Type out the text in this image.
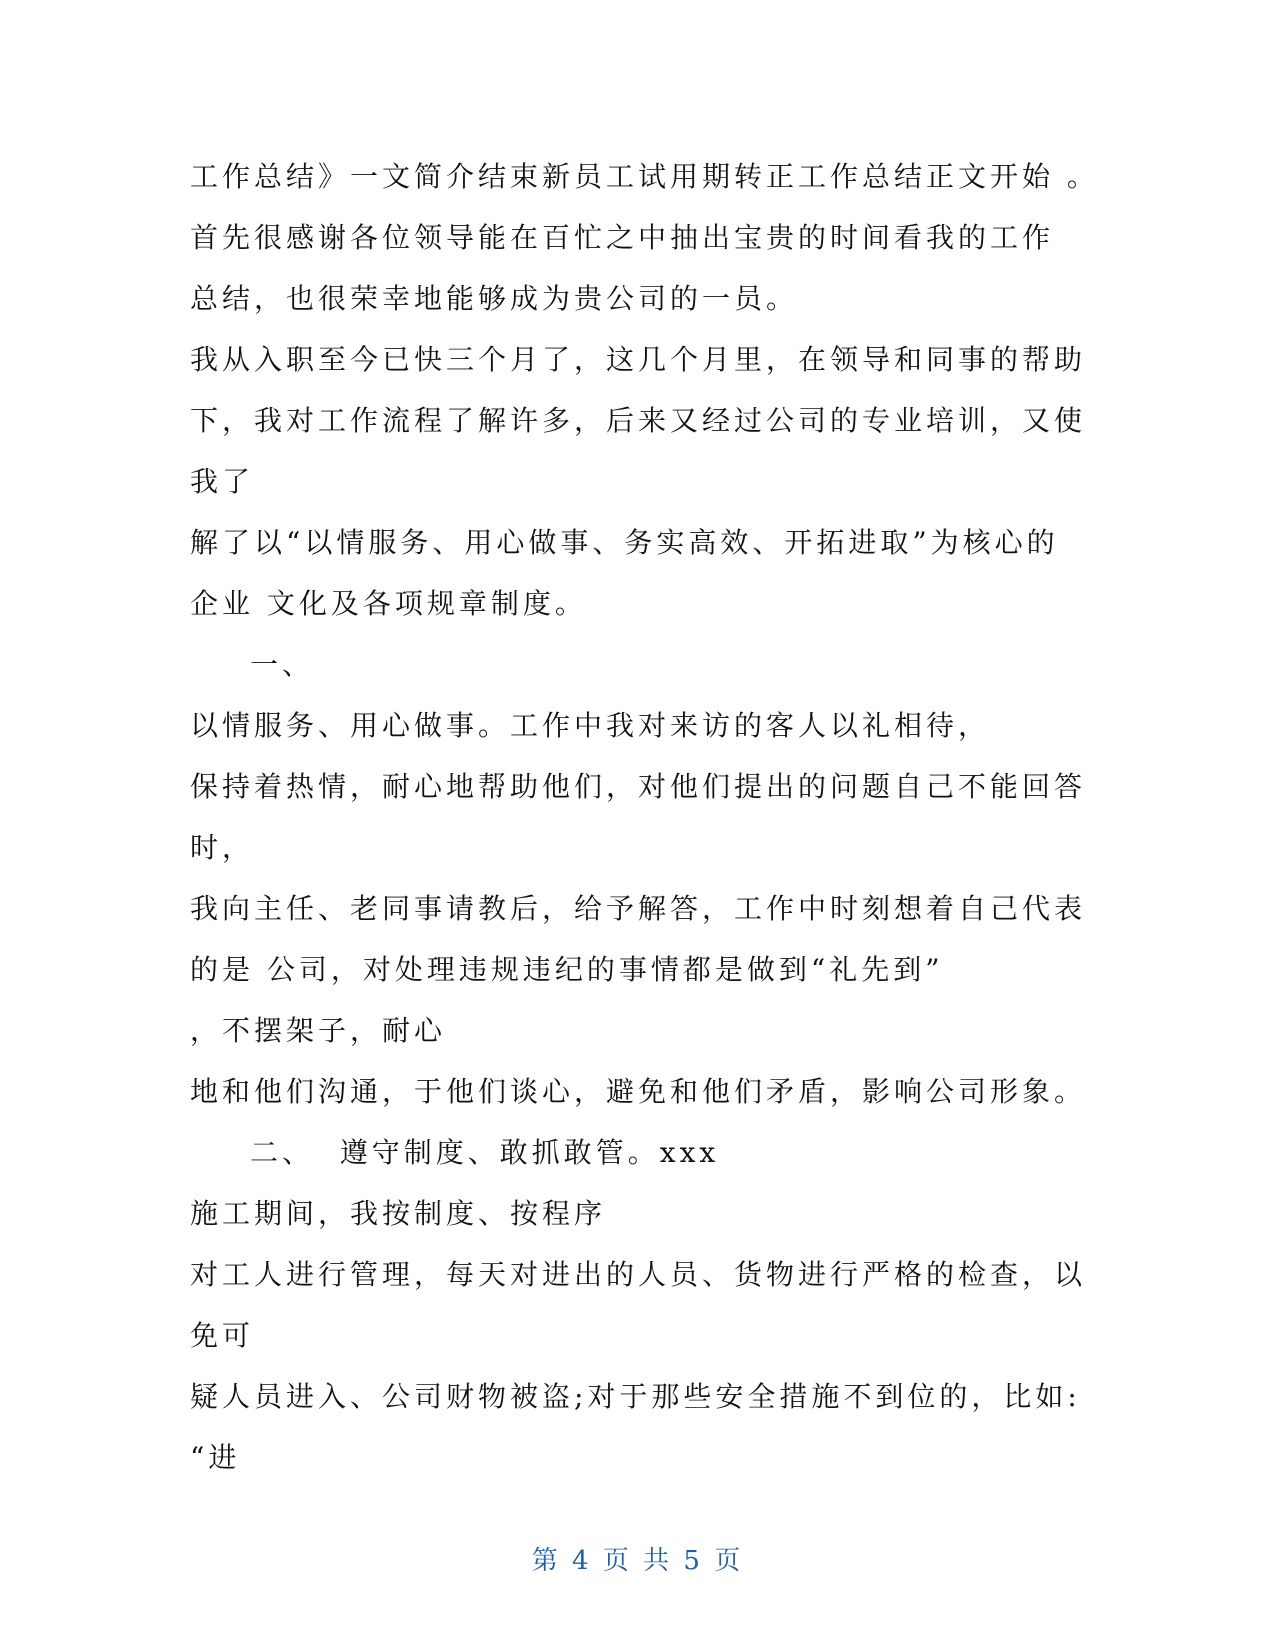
工作总结》一文简介结束新员工试用期转正工作总结正文开始 。
首先很感谢各位领导能在百忙之中抽出宝贵的时间看我的工作
总结，也很荣幸地能够成为贵公司的一员。
我从入职至今已快三个月了，这几个月里，在领导和同事的帮助
下，我对工作流程了解许多，后来又经过公司的专业培训，又使
我了
解了以“以情服务、用心做事、务实高效、开拓进取”为核心的
企业 文化及各项规章制度。
一、
以情服务、用心做事。工作中我对来访的客人以礼相待，
保持着热情，耐心地帮助他们，对他们提出的问题自己不能回答
时，
我向主任、老同事请教后，给予解答，工作中时刻想着自己代表
的是 公司，对处理违规违纪的事情都是做到“礼先到”
，不摆架子，耐心
地和他们沟通，于他们谈心，避免和他们矛盾，影响公司形象。
二、  遵守制度、敢抓敢管。xxx
施工期间，我按制度、按程序
对工人进行管理，每天对进出的人员、货物进行严格的检查，以
免可
疑人员进入、公司财物被盗;对于那些安全措施不到位的，比如:
“进
第 4 页 共 5 页
